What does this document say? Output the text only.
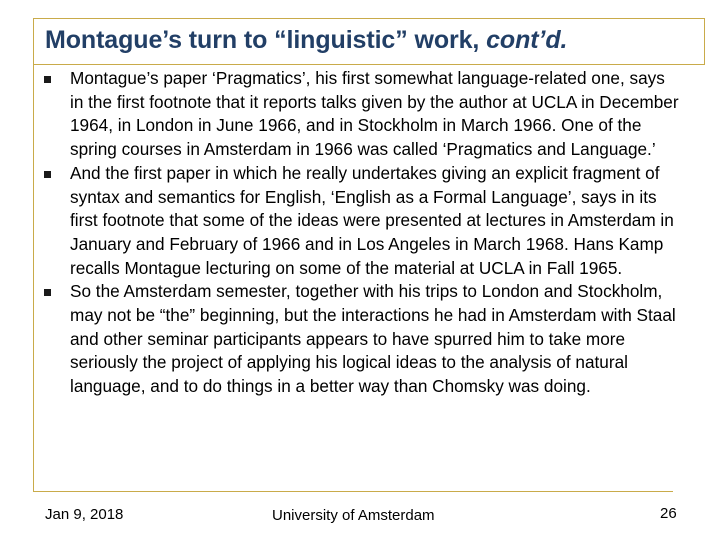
Montague’s turn to “linguistic” work, cont’d.
Montague’s paper ‘Pragmatics’, his first somewhat language-related one, says in the first footnote that it reports talks given by the author at UCLA in December 1964, in London in June 1966, and in Stockholm in March 1966. One of the spring courses in Amsterdam in 1966 was called ‘Pragmatics and Language.’
And the first paper in which he really undertakes giving an explicit fragment of syntax and semantics for English, ‘English as a Formal Language’, says in its first footnote that some of the ideas were presented at lectures in Amsterdam in January and February of 1966 and in Los Angeles in March 1968. Hans Kamp recalls Montague lecturing on some of the material at UCLA in Fall 1965.
So the Amsterdam semester, together with his trips to London and Stockholm, may not be “the” beginning, but the interactions he had in Amsterdam with Staal and other seminar participants appears to have spurred him to take more seriously the project of applying his logical ideas to the analysis of natural language, and to do things in a better way than Chomsky was doing.
Jan 9, 2018	University of Amsterdam	26
